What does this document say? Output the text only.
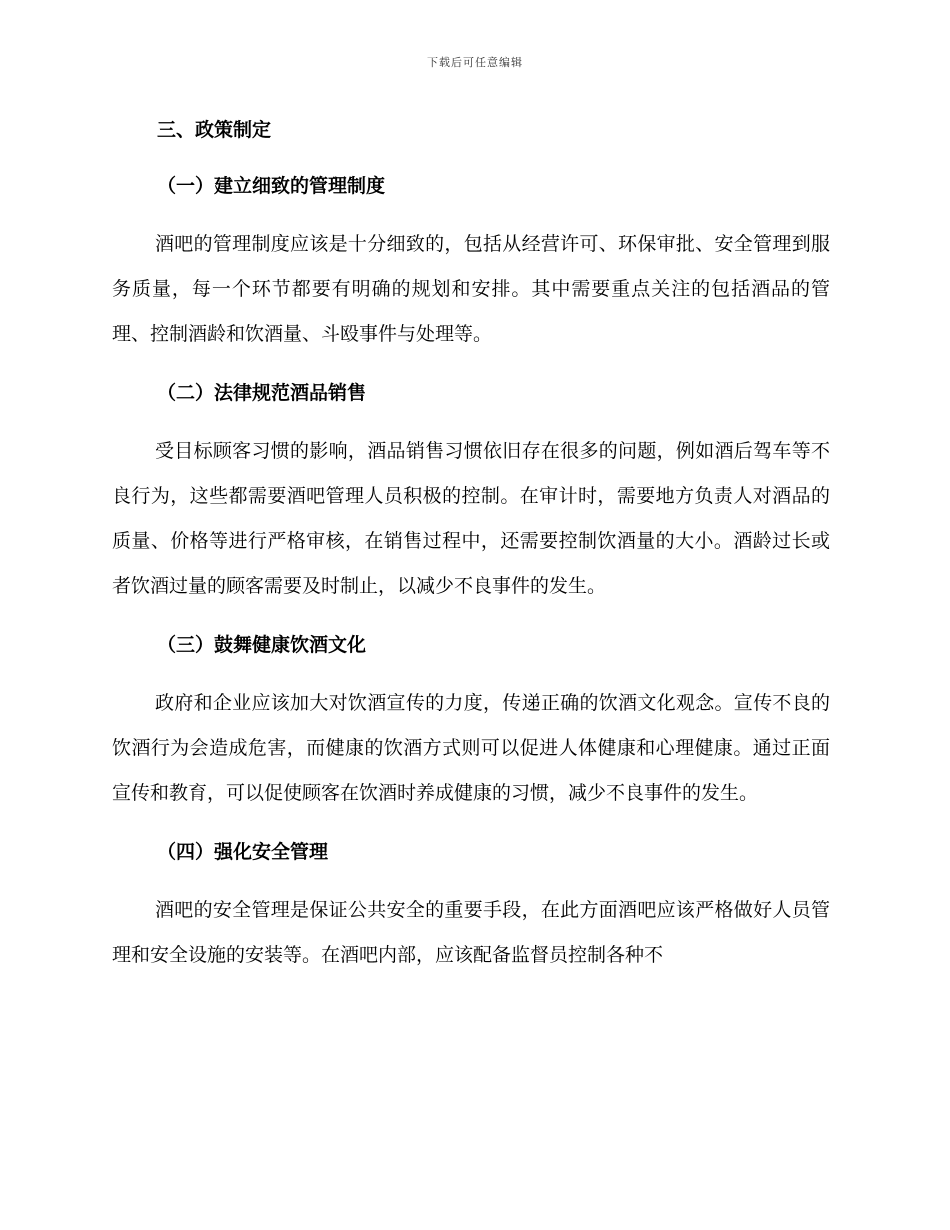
下载后可任意编辑
三、政策制定
（一）建立细致的管理制度

酒吧的管理制度应该是十分细致的，包括从经营许可、环保审批、安全管理到服务质量，每一个环节都要有明确的规划和安排。其中需要重点关注的包括酒品的管理、控制酒龄和饮酒量、斗殴事件与处理等。

（二）法律规范酒品销售

受目标顾客习惯的影响，酒品销售习惯依旧存在很多的问题，例如酒后驾车等不良行为，这些都需要酒吧管理人员积极的控制。在审计时，需要地方负责人对酒品的质量、价格等进行严格审核，在销售过程中，还需要控制饮酒量的大小。酒龄过长或者饮酒过量的顾客需要及时制止，以减少不良事件的发生。

（三）鼓舞健康饮酒文化

政府和企业应该加大对饮酒宣传的力度，传递正确的饮酒文化观念。宣传不良的饮酒行为会造成危害，而健康的饮酒方式则可以促进人体健康和心理健康。通过正面宣传和教育，可以促使顾客在饮酒时养成健康的习惯，减少不良事件的发生。

（四）强化安全管理

酒吧的安全管理是保证公共安全的重要手段，在此方面酒吧应该严格做好人员管理和安全设施的安装等。在酒吧内部，应该配备监督员控制各种不
